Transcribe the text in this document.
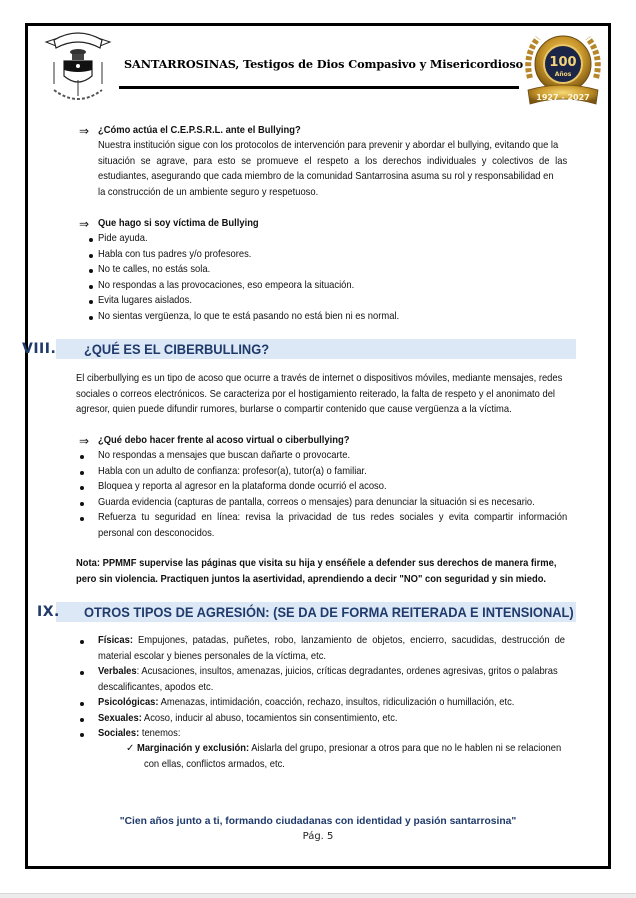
SANTARROSINAS, Testigos de Dios Compasivo y Misericordioso 100
Años
1927 - 2027
⇒ ¿Cómo actúa el C.E.P.S.R.L. ante el Bullying?
Nuestra institución sigue con los protocolos de intervención para prevenir y abordar el bullying, evitando que la
situación se agrave, para esto se promueve el respeto a los derechos individuales y colectivos de las
estudiantes, asegurando que cada miembro de la comunidad Santarrosina asuma su rol y responsabilidad en
la construcción de un ambiente seguro y respetuoso.
⇒ Que hago si soy víctima de Bullying
Pide ayuda.
Habla con tus padres y/o profesores.
No te calles, no estás sola.
No respondas a las provocaciones, eso empeora la situación.
Evita lugares aislados.
No sientas vergüenza, lo que te está pasando no está bien ni es normal.
VIII. ¿QUÉ ES EL CIBERBULLING?
El ciberbullying es un tipo de acoso que ocurre a través de internet o dispositivos móviles, mediante mensajes, redes
sociales o correos electrónicos. Se caracteriza por el hostigamiento reiterado, la falta de respeto y el anonimato del
agresor, quien puede difundir rumores, burlarse o compartir contenido que cause vergüenza a la víctima.
⇒ ¿Qué debo hacer frente al acoso virtual o ciberbullying?
No respondas a mensajes que buscan dañarte o provocarte.
Habla con un adulto de confianza: profesor(a), tutor(a) o familiar.
Bloquea y reporta al agresor en la plataforma donde ocurrió el acoso.
Guarda evidencia (capturas de pantalla, correos o mensajes) para denunciar la situación si es necesario.
Refuerza tu seguridad en línea: revisa la privacidad de tus redes sociales y evita compartir información
personal con desconocidos.
Nota: PPMMF supervise las páginas que visita su hija y enséñele a defender sus derechos de manera firme,
pero sin violencia. Practiquen juntos la asertividad, aprendiendo a decir "NO" con seguridad y sin miedo.
IX. OTROS TIPOS DE AGRESIÓN: (SE DA DE FORMA REITERADA E INTENSIONAL)
Físicas: Empujones, patadas, puñetes, robo, lanzamiento de objetos, encierro, sacudidas, destrucción de
material escolar y bienes personales de la víctima, etc.
Verbales: Acusaciones, insultos, amenazas, juicios, críticas degradantes, ordenes agresivas, gritos o palabras
descalificantes, apodos etc.
Psicológicas: Amenazas, intimidación, coacción, rechazo, insultos, ridiculización o humillación, etc.
Sexuales: Acoso, inducir al abuso, tocamientos sin consentimiento, etc.
Sociales: tenemos:
✓ Marginación y exclusión: Aislarla del grupo, presionar a otros para que no le hablen ni se relacionen
con ellas, conflictos armados, etc.
"Cien años junto a ti, formando ciudadanas con identidad y pasión santarrosina"
Pág. 5
